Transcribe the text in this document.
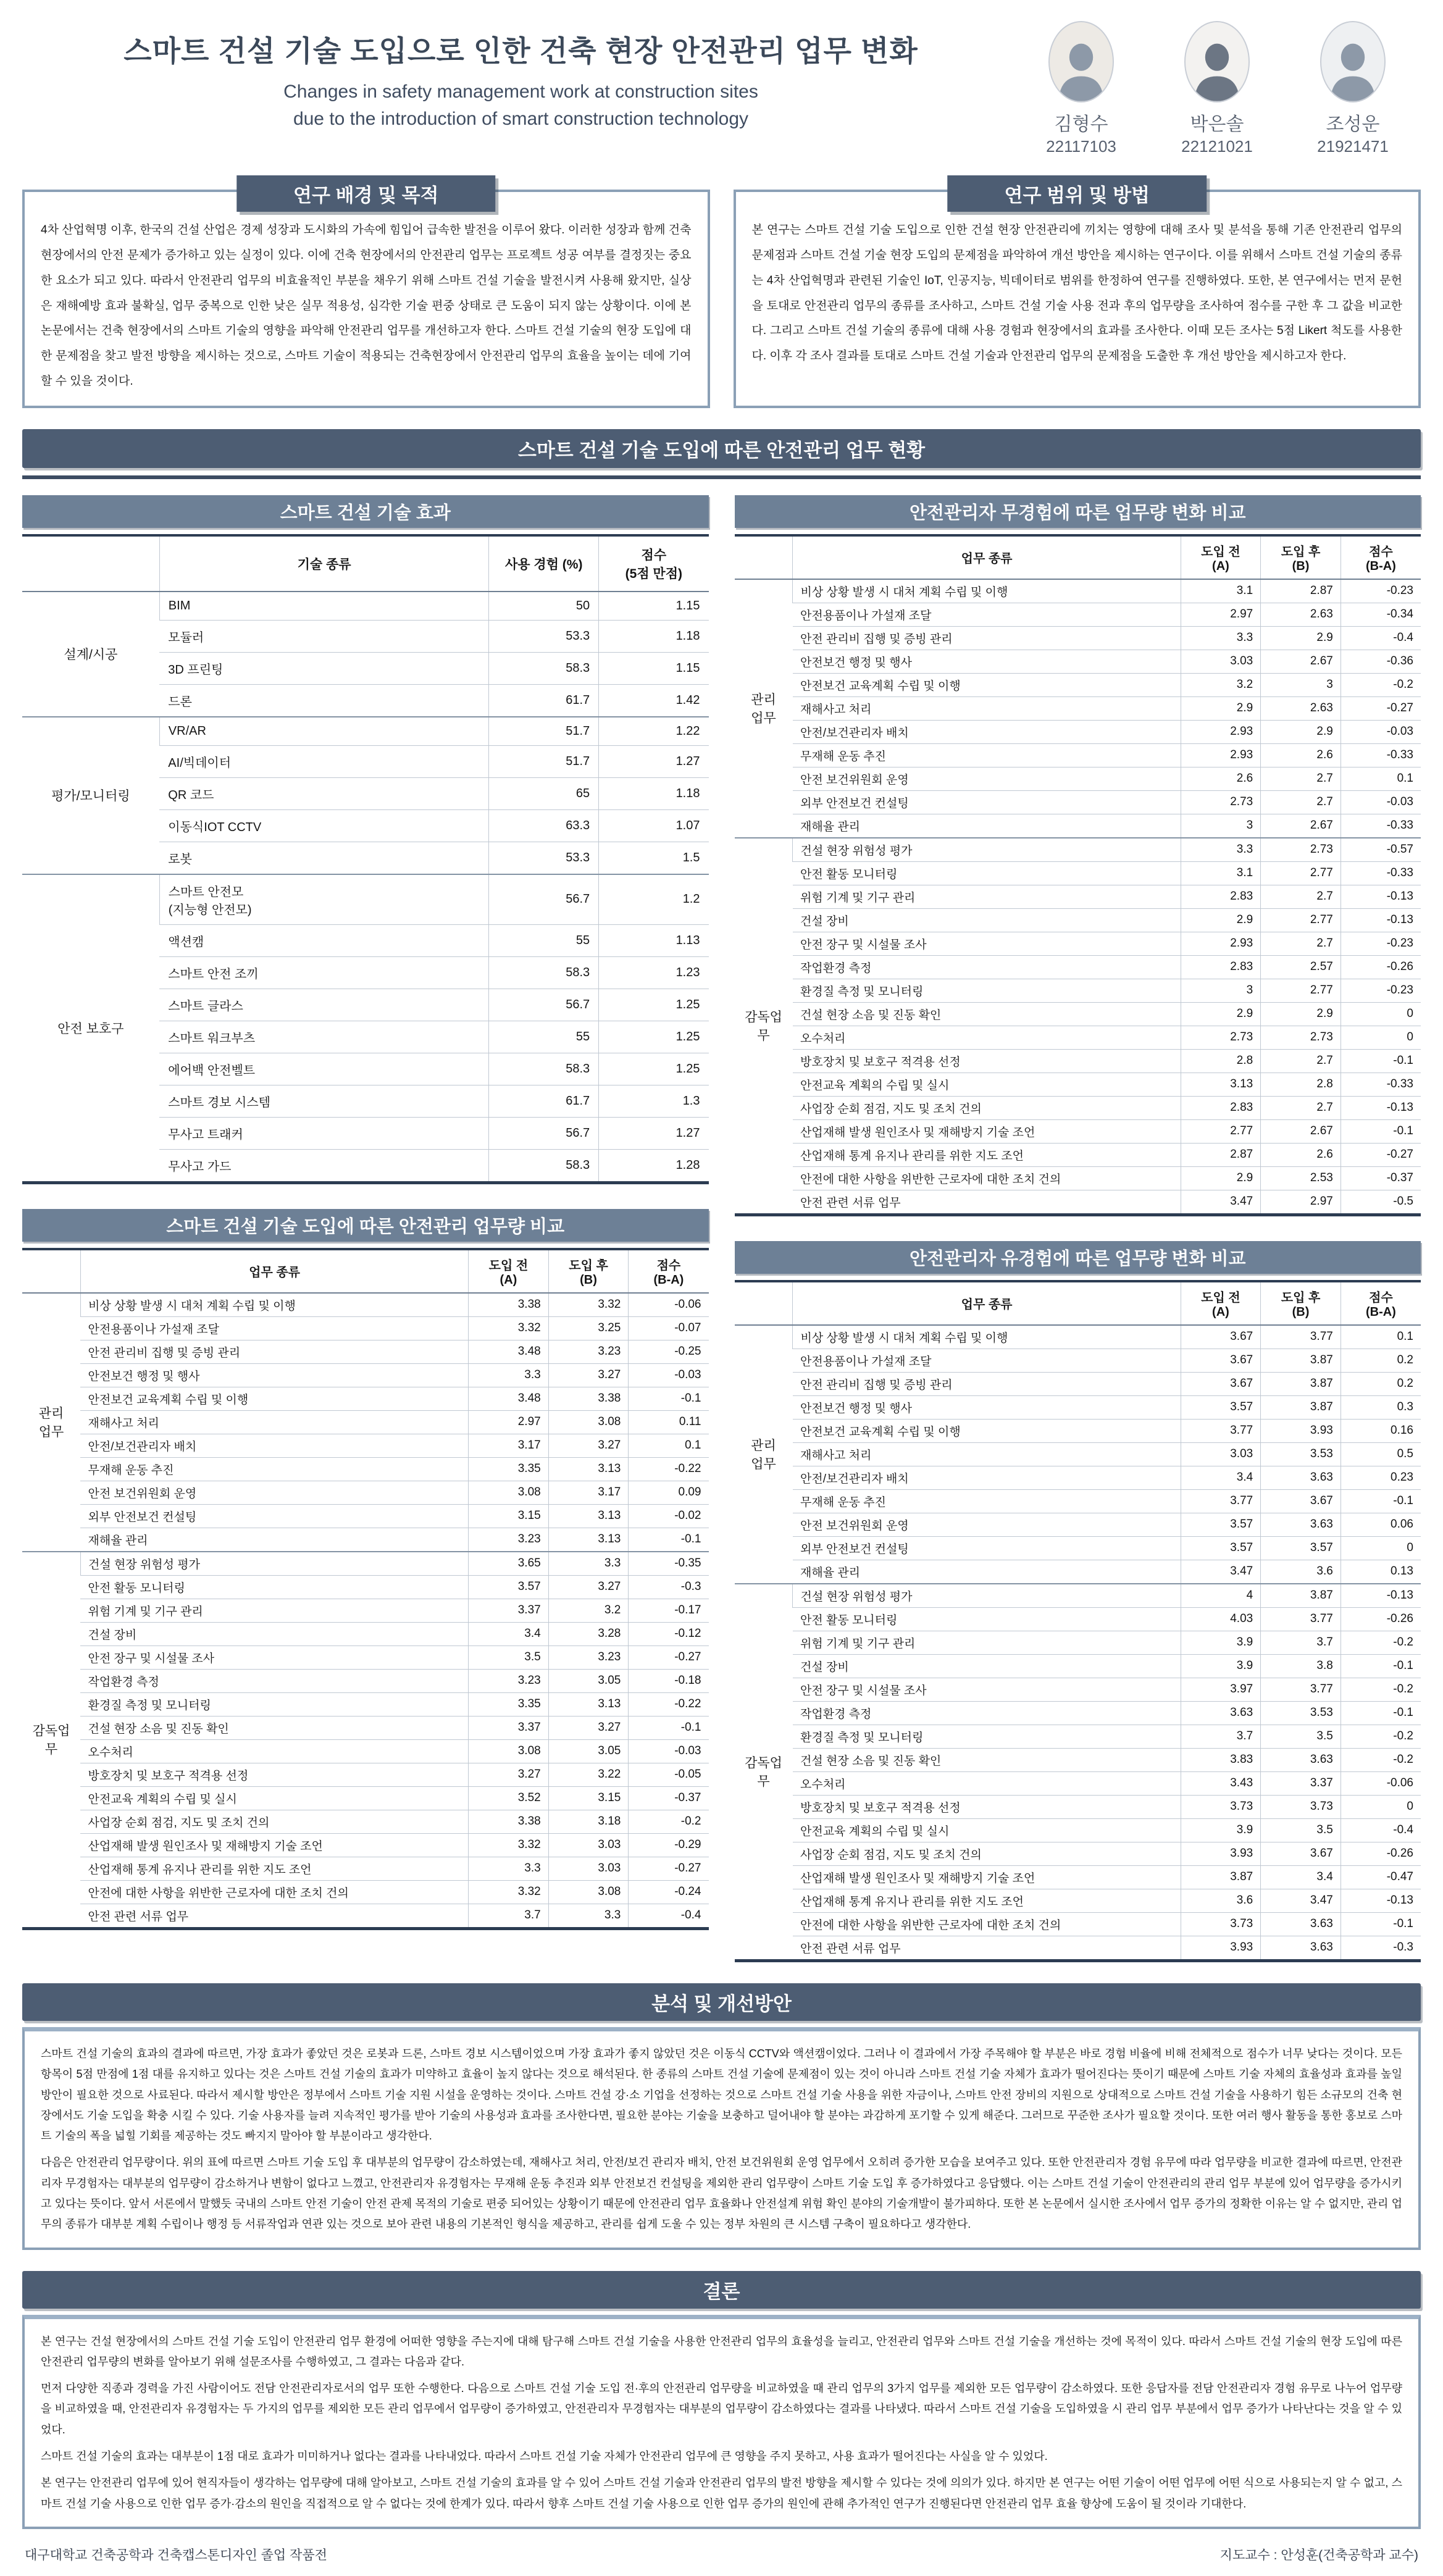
스마트 건설 기술 도입으로 인한 건축 현장 안전관리 업무 변화
Changes in safety management work at construction sites
due to the introduction of smart construction technology	김형수
22117103
박은솔
22121021
조성운
21921471
연구 배경 및 목적

4차 산업혁명 이후, 한국의 건설 산업은 경제 성장과 도시화의 가속에 힘입어 급속한 발전을 이루어 왔다. 이러한 성장과 함께 건축 현장에서의 안전 문제가 증가하고 있는 실정이 있다. 이에 건축 현장에서의 안전관리 업무는 프로젝트 성공 여부를 결정짓는 중요한 요소가 되고 있다. 따라서 안전관리 업무의 비효율적인 부분을 채우기 위해 스마트 건설 기술을 발전시켜 사용해 왔지만, 실상은 재해예방 효과 불확실, 업무 중복으로 인한 낮은 실무 적용성, 심각한 기술 편중 상태로 큰 도움이 되지 않는 상황이다. 이에 본 논문에서는 건축 현장에서의 스마트 기술의 영향을 파악해 안전관리 업무를 개선하고자 한다. 스마트 건설 기술의 현장 도입에 대한 문제점을 찾고 발전 방향을 제시하는 것으로, 스마트 기술이 적용되는 건축현장에서 안전관리 업무의 효율을 높이는 데에 기여할 수 있을 것이다.

연구 범위 및 방법

본 연구는 스마트 건설 기술 도입으로 인한 건설 현장 안전관리에 끼치는 영향에 대해 조사 및 분석을 통해 기존 안전관리 업무의 문제점과 스마트 건설 기술 현장 도입의 문제점을 파악하여 개선 방안을 제시하는 연구이다. 이를 위해서 스마트 건설 기술의 종류는 4차 산업혁명과 관련된 기술인 IoT, 인공지능, 빅데이터로 범위를 한정하여 연구를 진행하였다. 또한, 본 연구에서는 먼저 문헌을 토대로 안전관리 업무의 종류를 조사하고, 스마트 건설 기술 사용 전과 후의 업무량을 조사하여 점수를 구한 후 그 값을 비교한다. 그리고 스마트 건설 기술의 종류에 대해 사용 경험과 현장에서의 효과를 조사한다. 이때 모든 조사는 5점 Likert 척도를 사용한다. 이후 각 조사 결과를 토대로 스마트 건설 기술과 안전관리 업무의 문제점을 도출한 후 개선 방안을 제시하고자 한다.

스마트 건설 기술 도입에 따른 안전관리 업무 현황
스마트 건설 기술 효과
	기술 종류	사용 경험 (%)	점수
(5점 만점)
설계/시공	BIM	50	1.15
	모듈러	53.3	1.18
	3D 프린팅	58.3	1.15
	드론	61.7	1.42
평가/모니터링	VR/AR	51.7	1.22
	AI/빅데이터	51.7	1.27
	QR 코드	65	1.18
	이동식IOT CCTV	63.3	1.07
	로봇	53.3	1.5
안전 보호구	스마트 안전모
(지능형 안전모)	56.7	1.2
	액션캠	55	1.13
	스마트 안전 조끼	58.3	1.23
	스마트 글라스	56.7	1.25
	스마트 워크부츠	55	1.25
	에어백 안전벨트	58.3	1.25
	스마트 경보 시스템	61.7	1.3
	무사고 트래커	56.7	1.27
	무사고 가드	58.3	1.28
스마트 건설 기술 도입에 따른 안전관리 업무량 비교
	업무 종류	도입 전
(A)	도입 후
(B)	점수
(B-A)
관리
업무	비상 상황 발생 시 대처 계획 수립 및 이행	3.38	3.32	-0.06
	안전용품이나 가설재 조달	3.32	3.25	-0.07
	안전 관리비 집행 및 증빙 관리	3.48	3.23	-0.25
	안전보건 행정 및 행사	3.3	3.27	-0.03
	안전보건 교육계획 수립 및 이행	3.48	3.38	-0.1
	재해사고 처리	2.97	3.08	0.11
	안전/보건관리자 배치	3.17	3.27	0.1
	무재해 운동 추진	3.35	3.13	-0.22
	안전 보건위원회 운영	3.08	3.17	0.09
	외부 안전보건 컨설팅	3.15	3.13	-0.02
	재해율 관리	3.23	3.13	-0.1
감독업무	건설 현장 위험성 평가	3.65	3.3	-0.35
	안전 활동 모니터링	3.57	3.27	-0.3
	위험 기계 및 기구 관리	3.37	3.2	-0.17
	건설 장비	3.4	3.28	-0.12
	안전 장구 및 시설물 조사	3.5	3.23	-0.27
	작업환경 측정	3.23	3.05	-0.18
	환경질 측정 및 모니터링	3.35	3.13	-0.22
	건설 현장 소음 및 진동 확인	3.37	3.27	-0.1
	오수처리	3.08	3.05	-0.03
	방호장치 및 보호구 적격용 선정	3.27	3.22	-0.05
	안전교육 계획의 수립 및 실시	3.52	3.15	-0.37
	사업장 순회 점검, 지도 및 조치 건의	3.38	3.18	-0.2
	산업재해 발생 원인조사 및 재해방지 기술 조언	3.32	3.03	-0.29
	산업재해 통계 유지나 관리를 위한 지도 조언	3.3	3.03	-0.27
	안전에 대한 사항을 위반한 근로자에 대한 조치 건의	3.32	3.08	-0.24
	안전 관련 서류 업무	3.7	3.3	-0.4
안전관리자 무경험에 따른 업무량 변화 비교
	업무 종류	도입 전
(A)	도입 후
(B)	점수
(B-A)
관리
업무	비상 상황 발생 시 대처 계획 수립 및 이행	3.1	2.87	-0.23
	안전용품이나 가설재 조달	2.97	2.63	-0.34
	안전 관리비 집행 및 증빙 관리	3.3	2.9	-0.4
	안전보건 행정 및 행사	3.03	2.67	-0.36
	안전보건 교육계획 수립 및 이행	3.2	3	-0.2
	재해사고 처리	2.9	2.63	-0.27
	안전/보건관리자 배치	2.93	2.9	-0.03
	무재해 운동 추진	2.93	2.6	-0.33
	안전 보건위원회 운영	2.6	2.7	0.1
	외부 안전보건 컨설팅	2.73	2.7	-0.03
	재해율 관리	3	2.67	-0.33
감독업무	건설 현장 위험성 평가	3.3	2.73	-0.57
	안전 활동 모니터링	3.1	2.77	-0.33
	위험 기계 및 기구 관리	2.83	2.7	-0.13
	건설 장비	2.9	2.77	-0.13
	안전 장구 및 시설물 조사	2.93	2.7	-0.23
	작업환경 측정	2.83	2.57	-0.26
	환경질 측정 및 모니터링	3	2.77	-0.23
	건설 현장 소음 및 진동 확인	2.9	2.9	0
	오수처리	2.73	2.73	0
	방호장치 및 보호구 적격용 선정	2.8	2.7	-0.1
	안전교육 계획의 수립 및 실시	3.13	2.8	-0.33
	사업장 순회 점검, 지도 및 조치 건의	2.83	2.7	-0.13
	산업재해 발생 원인조사 및 재해방지 기술 조언	2.77	2.67	-0.1
	산업재해 통계 유지나 관리를 위한 지도 조언	2.87	2.6	-0.27
	안전에 대한 사항을 위반한 근로자에 대한 조치 건의	2.9	2.53	-0.37
	안전 관련 서류 업무	3.47	2.97	-0.5
안전관리자 유경험에 따른 업무량 변화 비교
	업무 종류	도입 전
(A)	도입 후
(B)	점수
(B-A)
관리
업무	비상 상황 발생 시 대처 계획 수립 및 이행	3.67	3.77	0.1
	안전용품이나 가설재 조달	3.67	3.87	0.2
	안전 관리비 집행 및 증빙 관리	3.67	3.87	0.2
	안전보건 행정 및 행사	3.57	3.87	0.3
	안전보건 교육계획 수립 및 이행	3.77	3.93	0.16
	재해사고 처리	3.03	3.53	0.5
	안전/보건관리자 배치	3.4	3.63	0.23
	무재해 운동 추진	3.77	3.67	-0.1
	안전 보건위원회 운영	3.57	3.63	0.06
	외부 안전보건 컨설팅	3.57	3.57	0
	재해율 관리	3.47	3.6	0.13
감독업무	건설 현장 위험성 평가	4	3.87	-0.13
	안전 활동 모니터링	4.03	3.77	-0.26
	위험 기계 및 기구 관리	3.9	3.7	-0.2
	건설 장비	3.9	3.8	-0.1
	안전 장구 및 시설물 조사	3.97	3.77	-0.2
	작업환경 측정	3.63	3.53	-0.1
	환경질 측정 및 모니터링	3.7	3.5	-0.2
	건설 현장 소음 및 진동 확인	3.83	3.63	-0.2
	오수처리	3.43	3.37	-0.06
	방호장치 및 보호구 적격용 선정	3.73	3.73	0
	안전교육 계획의 수립 및 실시	3.9	3.5	-0.4
	사업장 순회 점검, 지도 및 조치 건의	3.93	3.67	-0.26
	산업재해 발생 원인조사 및 재해방지 기술 조언	3.87	3.4	-0.47
	산업재해 통계 유지나 관리를 위한 지도 조언	3.6	3.47	-0.13
	안전에 대한 사항을 위반한 근로자에 대한 조치 건의	3.73	3.63	-0.1
	안전 관련 서류 업무	3.93	3.63	-0.3
분석 및 개선방안

스마트 건설 기술의 효과의 결과에 따르면, 가장 효과가 좋았던 것은 로봇과 드론, 스마트 경보 시스템이었으며 가장 효과가 좋지 않았던 것은 이동식 CCTV와 액션캠이었다. 그러나 이 결과에서 가장 주목해야 할 부분은 바로 경험 비율에 비해 전체적으로 점수가 너무 낮다는 것이다. 모든 항목이 5점 만점에 1점 대를 유지하고 있다는 것은 스마트 건설 기술의 효과가 미약하고 효율이 높지 않다는 것으로 해석된다. 한 종류의 스마트 건설 기술에 문제점이 있는 것이 아니라 스마트 건설 기술 자체가 효과가 떨어진다는 뜻이기 때문에 스마트 기술 자체의 효율성과 효과를 높일 방안이 필요한 것으로 사료된다. 따라서 제시할 방안은 정부에서 스마트 기술 지원 시설을 운영하는 것이다. 스마트 건설 강·소 기업을 선정하는 것으로 스마트 건설 기술 사용을 위한 자금이나, 스마트 안전 장비의 지원으로 상대적으로 스마트 건설 기술을 사용하기 힘든 소규모의 건축 현장에서도 기술 도입을 확충 시킬 수 있다. 기술 사용자를 늘려 지속적인 평가를 받아 기술의 사용성과 효과를 조사한다면, 필요한 분야는 기술을 보충하고 덜어내야 할 분야는 과감하게 포기할 수 있게 해준다. 그러므로 꾸준한 조사가 필요할 것이다. 또한 여러 행사 활동을 통한 홍보로 스마트 기술의 폭을 넓힐 기회를 제공하는 것도 빠지지 말아야 할 부분이라고 생각한다.

다음은 안전관리 업무량이다. 위의 표에 따르면 스마트 기술 도입 후 대부분의 업무량이 감소하였는데, 재해사고 처리, 안전/보건 관리자 배치, 안전 보건위원회 운영 업무에서 오히려 증가한 모습을 보여주고 있다. 또한 안전관리자 경험 유무에 따라 업무량을 비교한 결과에 따르면, 안전관리자 무경험자는 대부분의 업무량이 감소하거나 변함이 없다고 느꼈고, 안전관리자 유경험자는 무재해 운동 추진과 외부 안전보건 컨설팅을 제외한 관리 업무량이 스마트 기술 도입 후 증가하였다고 응답했다. 이는 스마트 건설 기술이 안전관리의 관리 업무 부분에 있어 업무량을 증가시키고 있다는 뜻이다. 앞서 서론에서 말했듯 국내의 스마트 안전 기술이 안전 관제 목적의 기술로 편중 되어있는 상황이기 때문에 안전관리 업무 효율화나 안전설계 위험 확인 분야의 기술개발이 불가피하다. 또한 본 논문에서 실시한 조사에서 업무 증가의 정확한 이유는 알 수 없지만, 관리 업무의 종류가 대부분 계획 수립이나 행정 등 서류작업과 연관 있는 것으로 보아 관련 내용의 기본적인 형식을 제공하고, 관리를 쉽게 도울 수 있는 정부 차원의 큰 시스템 구축이 필요하다고 생각한다.

결론

본 연구는 건설 현장에서의 스마트 건설 기술 도입이 안전관리 업무 환경에 어떠한 영향을 주는지에 대해 탐구해 스마트 건설 기술을 사용한 안전관리 업무의 효율성을 늘리고, 안전관리 업무와 스마트 건설 기술을 개선하는 것에 목적이 있다. 따라서 스마트 건설 기술의 현장 도입에 따른 안전관리 업무량의 변화를 알아보기 위해 설문조사를 수행하였고, 그 결과는 다음과 같다.

먼저 다양한 직종과 경력을 가진 사람이어도 전담 안전관리자로서의 업무 또한 수행한다. 다음으로 스마트 건설 기술 도입 전·후의 안전관리 업무량을 비교하였을 때 관리 업무의 3가지 업무를 제외한 모든 업무량이 감소하였다. 또한 응답자를 전담 안전관리자 경험 유무로 나누어 업무량을 비교하였을 때, 안전관리자 유경험자는 두 가지의 업무를 제외한 모든 관리 업무에서 업무량이 증가하였고, 안전관리자 무경험자는 대부분의 업무량이 감소하였다는 결과를 나타냈다. 따라서 스마트 건설 기술을 도입하였을 시 관리 업무 부분에서 업무 증가가 나타난다는 것을 알 수 있었다.

스마트 건설 기술의 효과는 대부분이 1점 대로 효과가 미미하거나 없다는 결과를 나타내었다. 따라서 스마트 건설 기술 자체가 안전관리 업무에 큰 영향을 주지 못하고, 사용 효과가 떨어진다는 사실을 알 수 있었다.

본 연구는 안전관리 업무에 있어 현직자들이 생각하는 업무량에 대해 알아보고, 스마트 건설 기술의 효과를 알 수 있어 스마트 건설 기술과 안전관리 업무의 발전 방향을 제시할 수 있다는 것에 의의가 있다. 하지만 본 연구는 어떤 기술이 어떤 업무에 어떤 식으로 사용되는지 알 수 없고, 스마트 건설 기술 사용으로 인한 업무 증가·감소의 원인을 직접적으로 알 수 없다는 것에 한계가 있다. 따라서 향후 스마트 건설 기술 사용으로 인한 업무 증가의 원인에 관해 추가적인 연구가 진행된다면 안전관리 업무 효율 향상에 도움이 될 것이라 기대한다.

대구대학교 건축공학과 건축캡스톤디자인 졸업 작품전	지도교수 : 안성훈(건축공학과 교수)
